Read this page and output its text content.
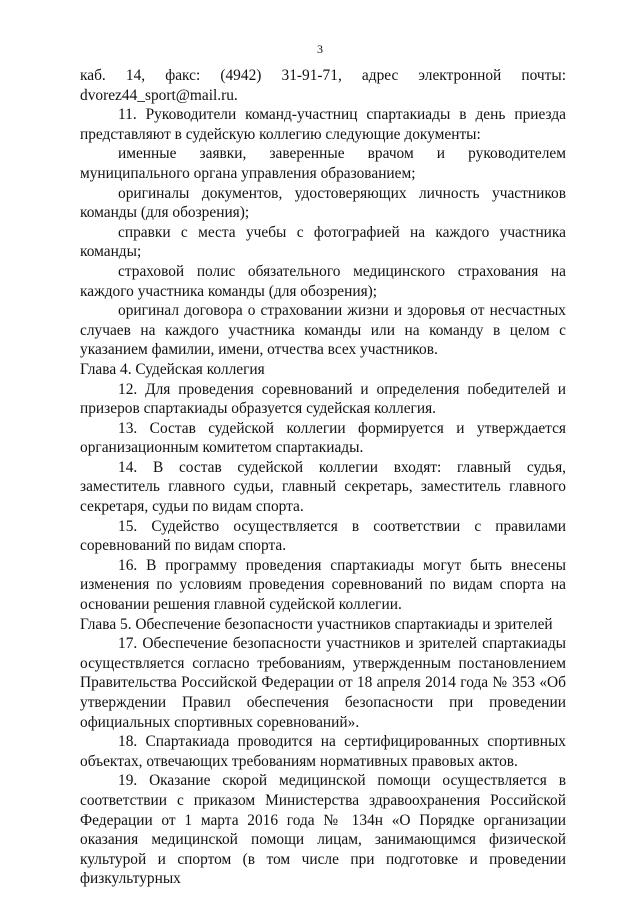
3

каб. 14, факс: (4942) 31-91-71, адрес электронной почты:

dvorez44_sport@mail.ru.

11. Руководители команд-участниц спартакиады в день приезда представляют в судейскую коллегию следующие документы:

именные заявки, заверенные врачом и руководителем муниципального органа управления образованием;

оригиналы документов, удостоверяющих личность участников команды (для обозрения);

справки с места учебы с фотографией на каждого участника команды;

страховой полис обязательного медицинского страхования на каждого участника команды (для обозрения);

оригинал договора о страховании жизни и здоровья от несчастных случаев на каждого участника команды или на команду в целом с указанием фамилии, имени, отчества всех участников.

Глава 4. Судейская коллегия

12. Для проведения соревнований и определения победителей и призеров спартакиады образуется судейская коллегия.

13. Состав судейской коллегии формируется и утверждается организационным комитетом спартакиады.

14. В состав судейской коллегии входят: главный судья, заместитель главного судьи, главный секретарь, заместитель главного секретаря, судьи по видам спорта.

15. Судейство осуществляется в соответствии с правилами соревнований по видам спорта.

16. В программу проведения спартакиады могут быть внесены изменения по условиям проведения соревнований по видам спорта на основании решения главной судейской коллегии.

Глава 5. Обеспечение безопасности участников спартакиады и зрителей

17. Обеспечение безопасности участников и зрителей спартакиады осуществляется согласно требованиям, утвержденным постановлением Правительства Российской Федерации от 18 апреля 2014 года № 353 «Об утверждении Правил обеспечения безопасности при проведении официальных спортивных соревнований».

18. Спартакиада проводится на сертифицированных спортивных объектах, отвечающих требованиям нормативных правовых актов.

19. Оказание скорой медицинской помощи осуществляется в соответствии с приказом Министерства здравоохранения Российской Федерации от 1 марта 2016 года № 134н «О Порядке организации оказания медицинской помощи лицам, занимающимся физической культурой и спортом (в том числе при подготовке и проведении физкультурных
